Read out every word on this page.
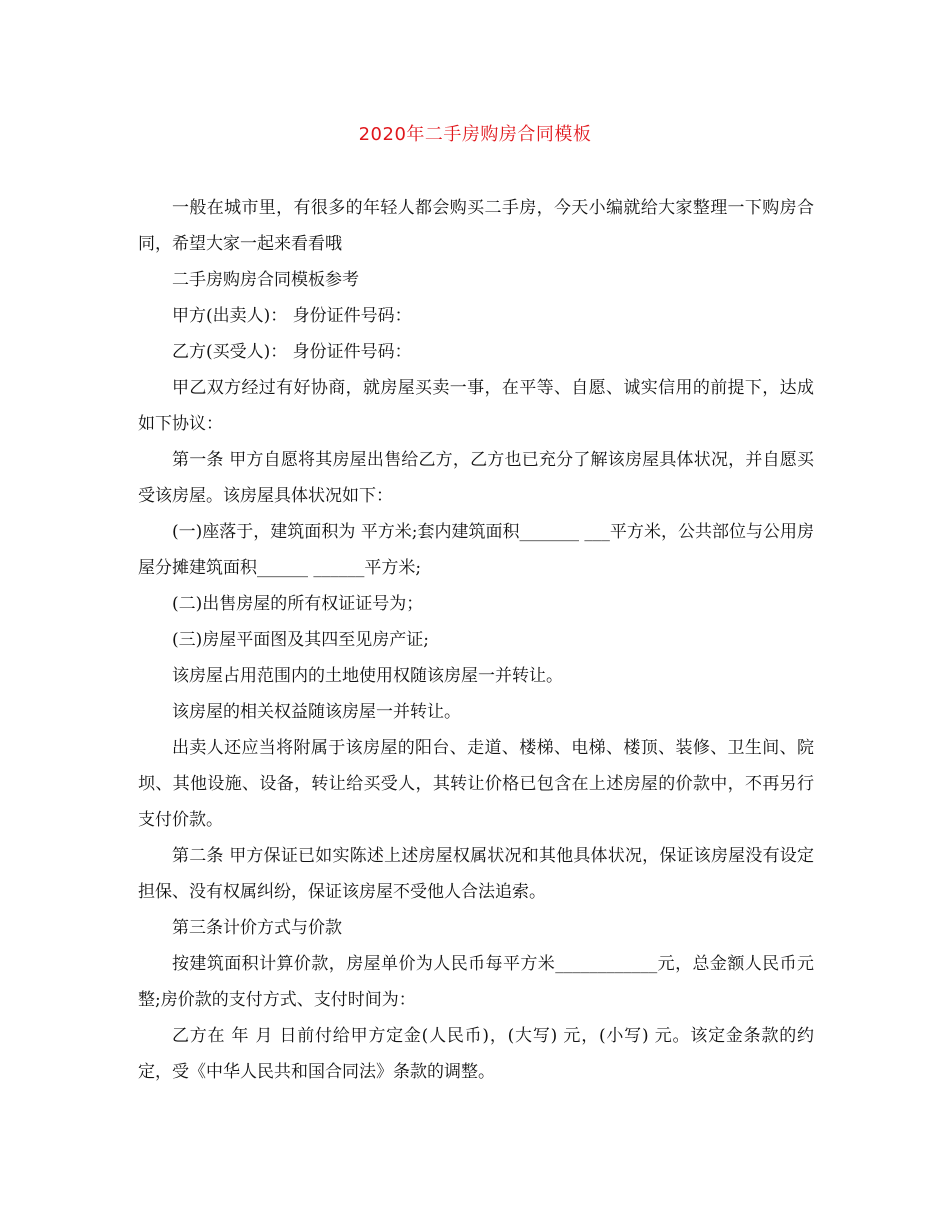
2020年二手房购房合同模板

一般在城市里，有很多的年轻人都会购买二手房，今天小编就给大家整理一下购房合同，希望大家一起来看看哦

二手房购房合同模板参考

甲方(出卖人)： 身份证件号码：

乙方(买受人)： 身份证件号码：

甲乙双方经过有好协商，就房屋买卖一事，在平等、自愿、诚实信用的前提下，达成如下协议：

第一条 甲方自愿将其房屋出售给乙方，乙方也已充分了解该房屋具体状况，并自愿买受该房屋。该房屋具体状况如下：

(一)座落于，建筑面积为 平方米;套内建筑面积_______ ___平方米，公共部位与公用房屋分摊建筑面积______ ______平方米;

(二)出售房屋的所有权证证号为；

(三)房屋平面图及其四至见房产证;

该房屋占用范围内的土地使用权随该房屋一并转让。

该房屋的相关权益随该房屋一并转让。

出卖人还应当将附属于该房屋的阳台、走道、楼梯、电梯、楼顶、装修、卫生间、院坝、其他设施、设备，转让给买受人，其转让价格已包含在上述房屋的价款中，不再另行支付价款。

第二条 甲方保证已如实陈述上述房屋权属状况和其他具体状况，保证该房屋没有设定担保、没有权属纠纷，保证该房屋不受他人合法追索。

第三条计价方式与价款

按建筑面积计算价款，房屋单价为人民币每平方米____________元，总金额人民币元整;房价款的支付方式、支付时间为：

乙方在 年 月 日前付给甲方定金(人民币)，(大写) 元，(小写) 元。该定金条款的约定，受《中华人民共和国合同法》条款的调整。
